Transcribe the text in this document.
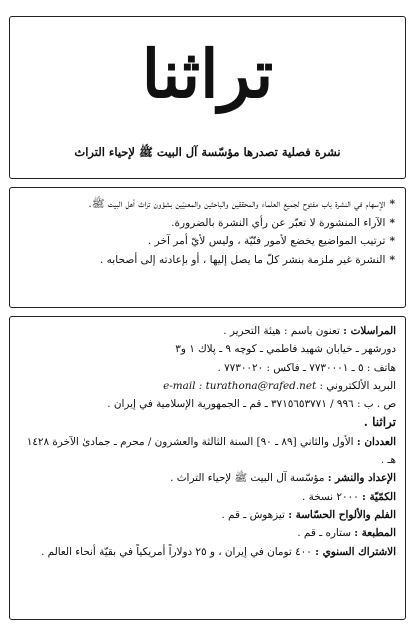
تراثنا
نشرة فصلية تصدرها مؤسّسة آل البيت ﷺ لإحياء التراث

*الإسهام في النشرة باب مفتوح لجميع العلماء والمحققين والباحثين والمعنيّين بشؤون تراث أهل البيت ﷺ.

*الآراء المنشورة لا تعبّر عن رأي النشرة بالضرورة.

*ترتيب المواضيع يخضع لأمور فنّيّة ، وليس لأيّ أمر آخر .

*النشرة غير ملزمة بنشر كلّ ما يصل إليها ، أو بإعادته إلى أصحابه .

المراسلات : تعنون باسم : هيئة التحرير .

دورشهر ـ خيابان شهيد فاطمي ـ كوچه ٩ ـ پلاك ١ و٣

هاتف : ٥ ـ ٧٧٣٠٠٠١ ـ فاكس : ٧٧٣٠٠٢٠ .

البريد الألكتروني : e-mail : turathona@rafed.net

ص . ب : ٩٩٦ / ٣٧١٥٦٥٣٧٧١ ـ قم ـ الجمهورية الإسلامية في إيران .

تراثنا .

العددان : الأول والثاني [٨٩ ـ ٩٠] السنة الثالثة والعشرون / محرم ـ جمادىٰ الآخرة ١٤٢٨ هـ .

الإعداد والنشر : مؤسّسة آل البيت ﷺ لإحياء التراث .

الكمّيّة : ٢٠٠٠ نسخة .

الفلم والألواح الحسّاسة : تيزهوش ـ قم .

المطبعة : ستاره ـ قم .

الاشتراك السنوي : ٤٠٠ تومان في إيران ، و ٢٥ دولاراً أمريكياً في بقيّة أنحاء العالم .
